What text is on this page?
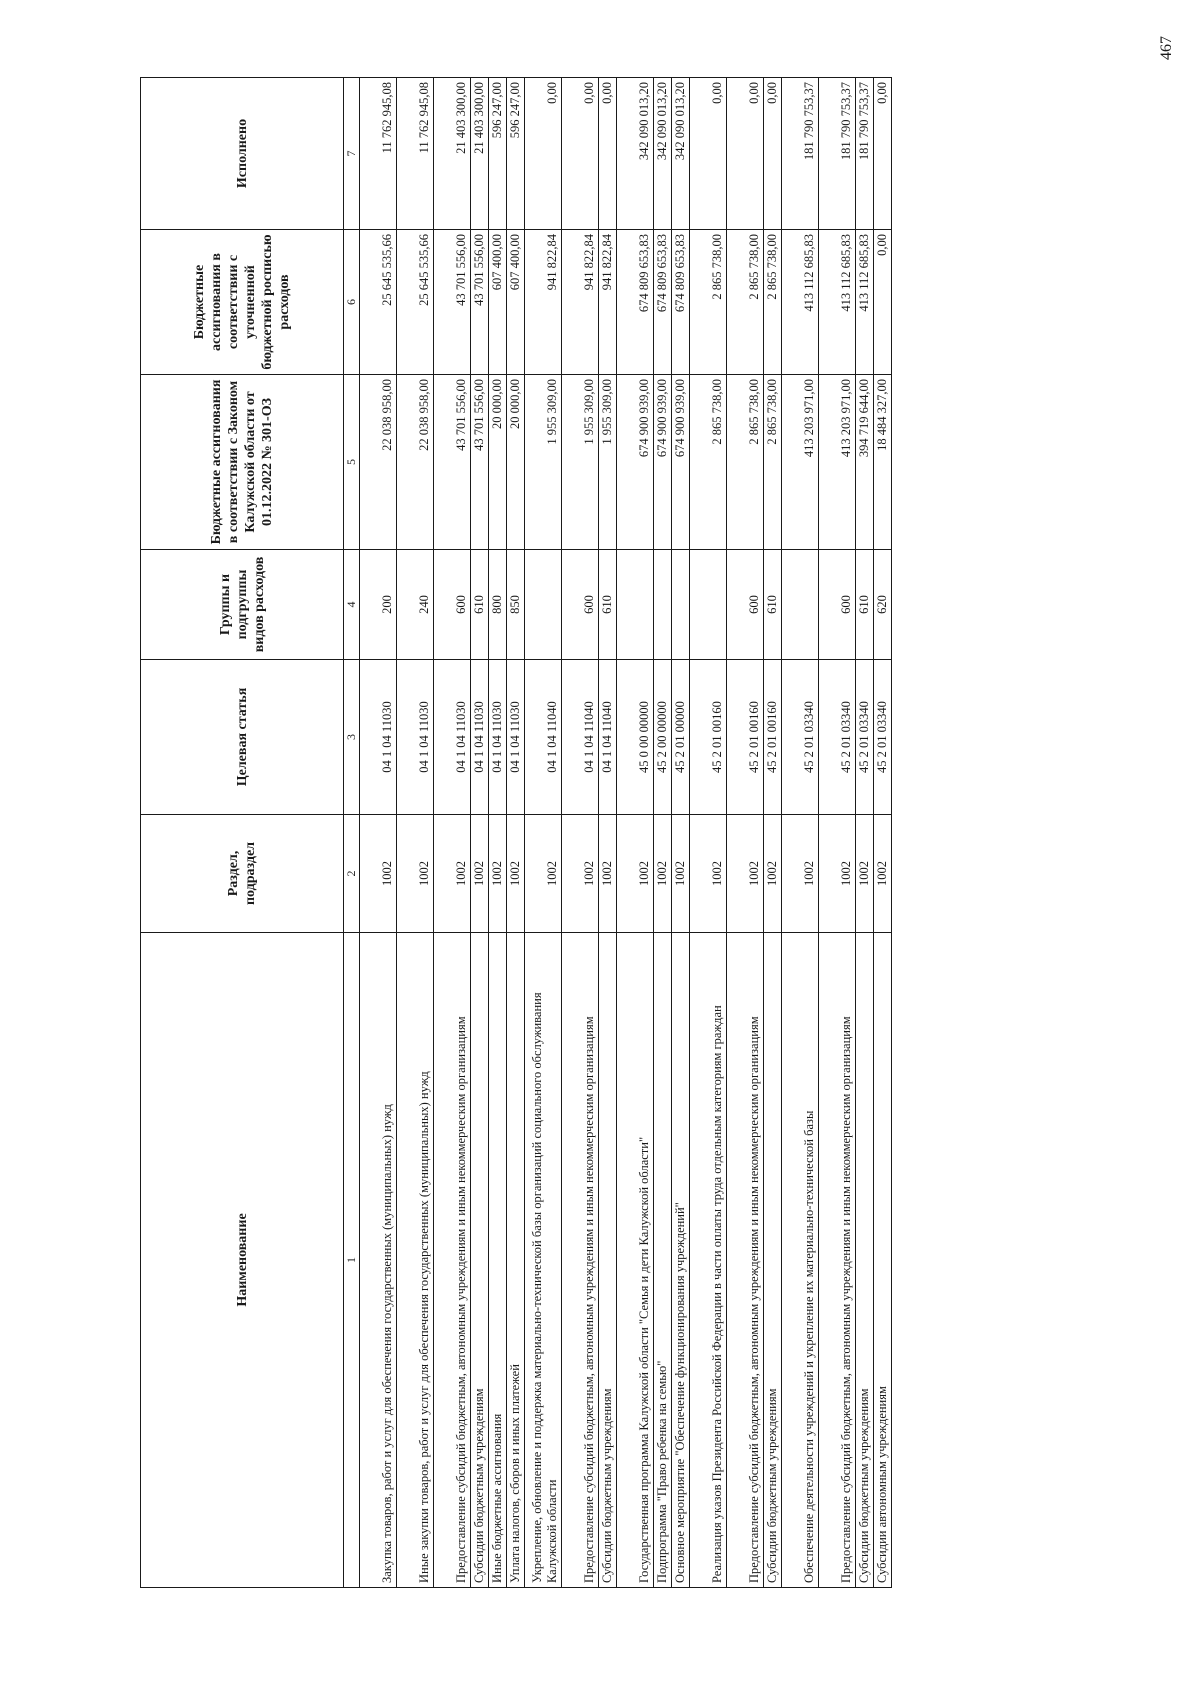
467
Наименование	Раздел, подраздел	Целевая статья	Группы и подгруппы видов расходов	Бюджетные ассигнования в соответствии с Законом Калужской области от 01.12.2022 № 301-ОЗ	Бюджетные ассигнования в соответствии с уточненной бюджетной росписью расходов	Исполнено
1	2	3	4	5	6	7
Закупка товаров, работ и услуг для обеспечения государственных (муниципальных) нужд	1002	04 1 04 11030	200	22 038 958,00	25 645 535,66	11 762 945,08
Иные закупки товаров, работ и услуг для обеспечения государственных (муниципальных) нужд	1002	04 1 04 11030	240	22 038 958,00	25 645 535,66	11 762 945,08
Предоставление субсидий бюджетным, автономным учреждениям и иным некоммерческим организациям	1002	04 1 04 11030	600	43 701 556,00	43 701 556,00	21 403 300,00
Субсидии бюджетным учреждениям	1002	04 1 04 11030	610	43 701 556,00	43 701 556,00	21 403 300,00
Иные бюджетные ассигнования	1002	04 1 04 11030	800	20 000,00	607 400,00	596 247,00
Уплата налогов, сборов и иных платежей	1002	04 1 04 11030	850	20 000,00	607 400,00	596 247,00
Укрепление, обновление и поддержка материально-технической базы организаций социального обслуживания Калужской области	1002	04 1 04 11040		1 955 309,00	941 822,84	0,00
Предоставление субсидий бюджетным, автономным учреждениям и иным некоммерческим организациям	1002	04 1 04 11040	600	1 955 309,00	941 822,84	0,00
Субсидии бюджетным учреждениям	1002	04 1 04 11040	610	1 955 309,00	941 822,84	0,00
Государственная программа Калужской области "Семья и дети Калужской области"	1002	45 0 00 00000		674 900 939,00	674 809 653,83	342 090 013,20
Подпрограмма "Право ребенка на семью"	1002	45 2 00 00000		674 900 939,00	674 809 653,83	342 090 013,20
Основное мероприятие "Обеспечение функционирования учреждений"	1002	45 2 01 00000		674 900 939,00	674 809 653,83	342 090 013,20
Реализация указов Президента Российской Федерации в части оплаты труда отдельным категориям граждан	1002	45 2 01 00160		2 865 738,00	2 865 738,00	0,00
Предоставление субсидий бюджетным, автономным учреждениям и иным некоммерческим организациям	1002	45 2 01 00160	600	2 865 738,00	2 865 738,00	0,00
Субсидии бюджетным учреждениям	1002	45 2 01 00160	610	2 865 738,00	2 865 738,00	0,00
Обеспечение деятельности учреждений и укрепление их материально-технической базы	1002	45 2 01 03340		413 203 971,00	413 112 685,83	181 790 753,37
Предоставление субсидий бюджетным, автономным учреждениям и иным некоммерческим организациям	1002	45 2 01 03340	600	413 203 971,00	413 112 685,83	181 790 753,37
Субсидии бюджетным учреждениям	1002	45 2 01 03340	610	394 719 644,00	413 112 685,83	181 790 753,37
Субсидии автономным учреждениям	1002	45 2 01 03340	620	18 484 327,00	0,00	0,00
